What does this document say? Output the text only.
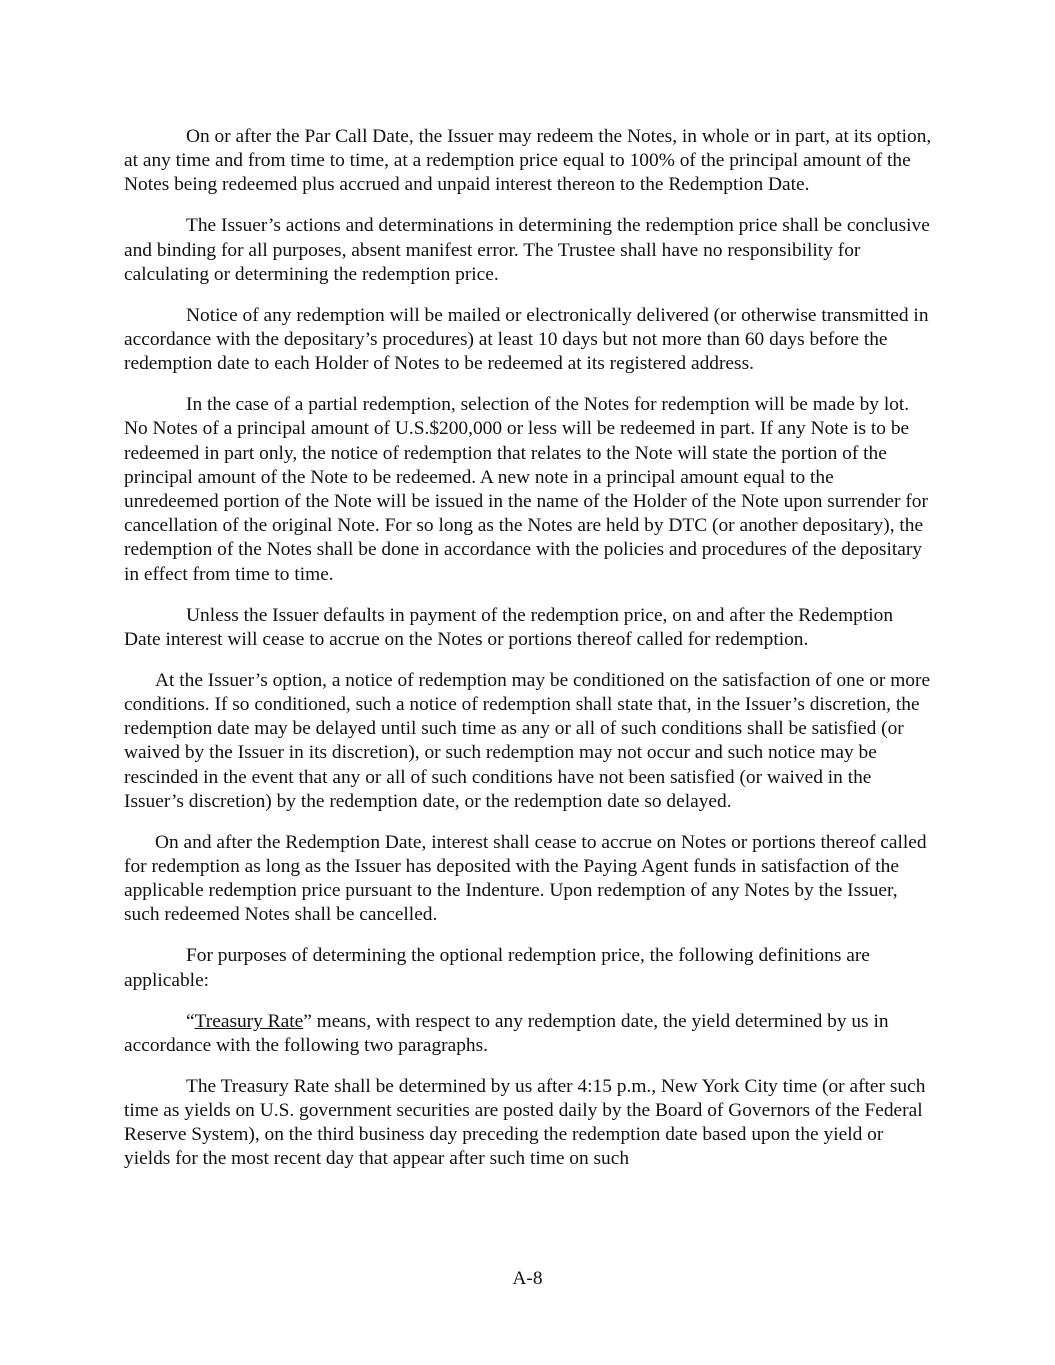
On or after the Par Call Date, the Issuer may redeem the Notes, in whole or in part, at its option, at any time and from time to time, at a redemption price equal to 100% of the principal amount of the Notes being redeemed plus accrued and unpaid interest thereon to the Redemption Date.

The Issuer’s actions and determinations in determining the redemption price shall be conclusive and binding for all purposes, absent manifest error. The Trustee shall have no responsibility for calculating or determining the redemption price.

Notice of any redemption will be mailed or electronically delivered (or otherwise transmitted in accordance with the depositary’s procedures) at least 10 days but not more than 60 days before the redemption date to each Holder of Notes to be redeemed at its registered address.

In the case of a partial redemption, selection of the Notes for redemption will be made by lot. No Notes of a principal amount of U.S.$200,000 or less will be redeemed in part. If any Note is to be redeemed in part only, the notice of redemption that relates to the Note will state the portion of the principal amount of the Note to be redeemed. A new note in a principal amount equal to the unredeemed portion of the Note will be issued in the name of the Holder of the Note upon surrender for cancellation of the original Note. For so long as the Notes are held by DTC (or another depositary), the redemption of the Notes shall be done in accordance with the policies and procedures of the depositary in effect from time to time.

Unless the Issuer defaults in payment of the redemption price, on and after the Redemption Date interest will cease to accrue on the Notes or portions thereof called for redemption.

At the Issuer’s option, a notice of redemption may be conditioned on the satisfaction of one or more conditions. If so conditioned, such a notice of redemption shall state that, in the Issuer’s discretion, the redemption date may be delayed until such time as any or all of such conditions shall be satisfied (or waived by the Issuer in its discretion), or such redemption may not occur and such notice may be rescinded in the event that any or all of such conditions have not been satisfied (or waived in the Issuer’s discretion) by the redemption date, or the redemption date so delayed.

On and after the Redemption Date, interest shall cease to accrue on Notes or portions thereof called for redemption as long as the Issuer has deposited with the Paying Agent funds in satisfaction of the applicable redemption price pursuant to the Indenture. Upon redemption of any Notes by the Issuer, such redeemed Notes shall be cancelled.

For purposes of determining the optional redemption price, the following definitions are applicable:

“Treasury Rate” means, with respect to any redemption date, the yield determined by us in accordance with the following two paragraphs.

The Treasury Rate shall be determined by us after 4:15 p.m., New York City time (or after such time as yields on U.S. government securities are posted daily by the Board of Governors of the Federal Reserve System), on the third business day preceding the redemption date based upon the yield or yields for the most recent day that appear after such time on such

A-8
